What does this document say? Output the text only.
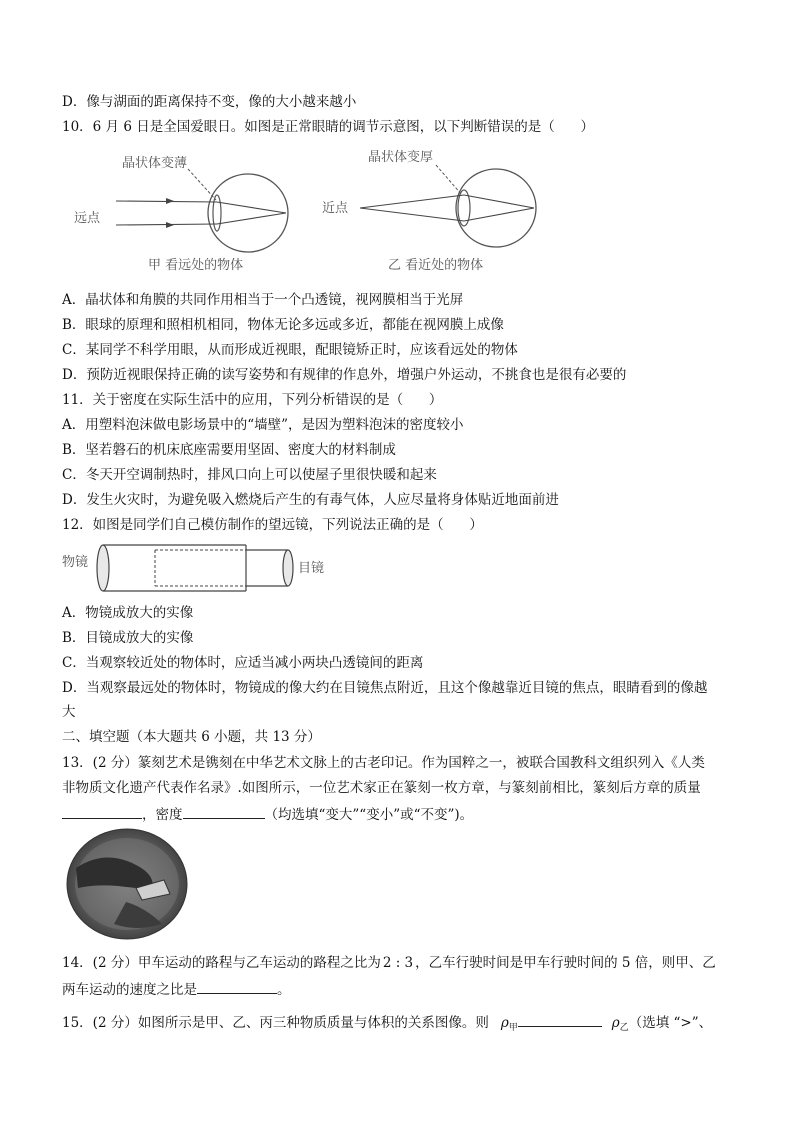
D．像与湖面的距离保持不变，像的大小越来越小
10．6 月 6 日是全国爱眼日。如图是正常眼睛的调节示意图，以下判断错误的是（      ）
晶状体变薄
远点
甲 看远处的物体
晶状体变厚
近点
乙 看近处的物体
A．晶状体和角膜的共同作用相当于一个凸透镜，视网膜相当于光屏
B．眼球的原理和照相机相同，物体无论多远或多近，都能在视网膜上成像
C．某同学不科学用眼，从而形成近视眼，配眼镜矫正时，应该看远处的物体
D．预防近视眼保持正确的读写姿势和有规律的作息外，增强户外运动，不挑食也是很有必要的
11．关于密度在实际生活中的应用，下列分析错误的是（      ）
A．用塑料泡沫做电影场景中的“墙壁”，是因为塑料泡沫的密度较小
B．坚若磐石的机床底座需要用坚固、密度大的材料制成
C．冬天开空调制热时，排风口向上可以使屋子里很快暖和起来
D．发生火灾时，为避免吸入燃烧后产生的有毒气体，人应尽量将身体贴近地面前进
12．如图是同学们自己模仿制作的望远镜，下列说法正确的是（      ）
物镜	目镜
A．物镜成放大的实像
B．目镜成放大的实像
C．当观察较近处的物体时，应适当减小两块凸透镜间的距离
D．当观察最远处的物体时，物镜成的像大约在目镜焦点附近，且这个像越靠近目镜的焦点，眼睛看到的像越
大
二、填空题（本大题共 6 小题，共 13 分）
13．(2 分）篆刻艺术是镌刻在中华艺术文脉上的古老印记。作为国粹之一，被联合国教科文组织列入《人类
非物质文化遗产代表作名录》.如图所示，一位艺术家正在篆刻一枚方章，与篆刻前相比，篆刻后方章的质量
，密度	（均选填“变大”“变小”或“不变”)。
14．(2 分）甲车运动的路程与乙车运动的路程之比为 2 : 3 ，乙车行驶时间是甲车行驶时间的 5 倍，则甲、乙
两车运动的速度之比是	。
15．(2 分）如图所示是甲、乙、丙三种物质质量与体积的关系图像。则 $\rho_甲$	$\rho_乙$（选填 “>”、
